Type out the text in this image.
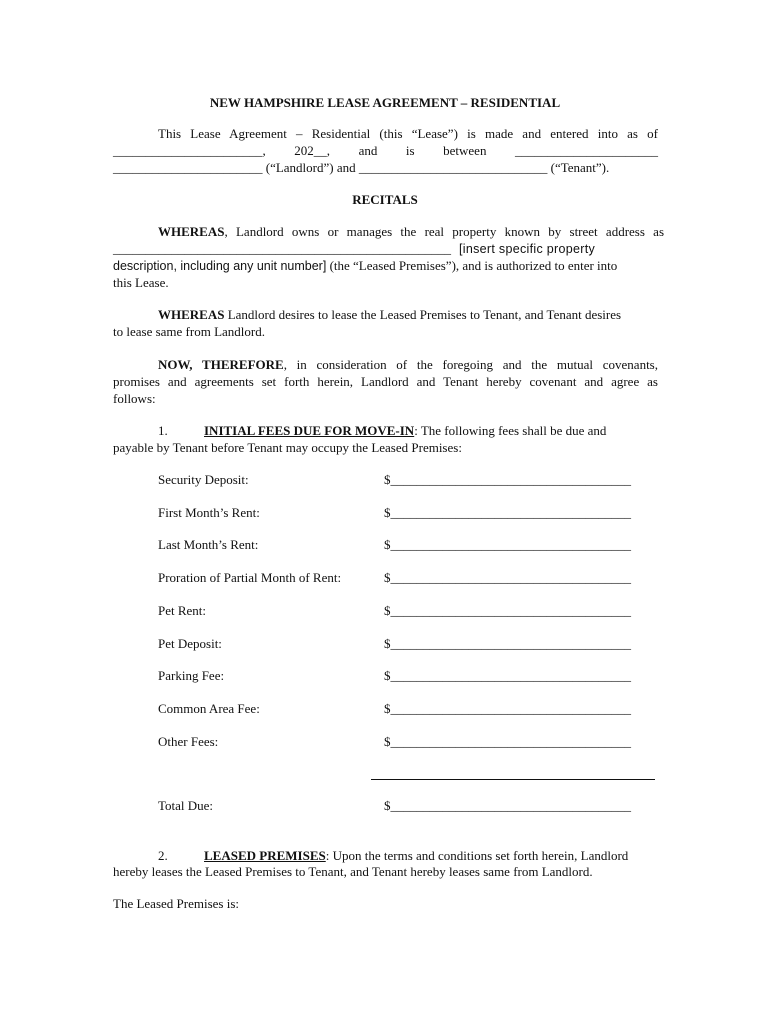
NEW HAMPSHIRE LEASE AGREEMENT – RESIDENTIAL
This Lease Agreement – Residential (this “Lease”) is made and entered into as of
_______________________, 202__, and is between ______________________
_______________________ (“Landlord”) and _____________________________ (“Tenant”).
RECITALS
WHEREAS, Landlord owns or manages the real property known by street address as
____________________________________________________ [insert specific property
description, including any unit number] (the “Leased Premises”), and is authorized to enter into
this Lease.
WHEREAS Landlord desires to lease the Leased Premises to Tenant, and Tenant desires
to lease same from Landlord.
NOW, THEREFORE, in consideration of the foregoing and the mutual covenants,
promises and agreements set forth herein, Landlord and Tenant hereby covenant and agree as
follows:
1.	INITIAL FEES DUE FOR MOVE-IN: The following fees shall be due and
payable by Tenant before Tenant may occupy the Leased Premises:
Security Deposit:	$_____________________________________
First Month’s Rent:	$_____________________________________
Last Month’s Rent:	$_____________________________________
Proration of Partial Month of Rent:	$_____________________________________
Pet Rent:	$_____________________________________
Pet Deposit:	$_____________________________________
Parking Fee:	$_____________________________________
Common Area Fee:	$_____________________________________
Other Fees:	$_____________________________________
Total Due:	$_____________________________________
2.	LEASED PREMISES: Upon the terms and conditions set forth herein, Landlord
hereby leases the Leased Premises to Tenant, and Tenant hereby leases same from Landlord.
The Leased Premises is:
